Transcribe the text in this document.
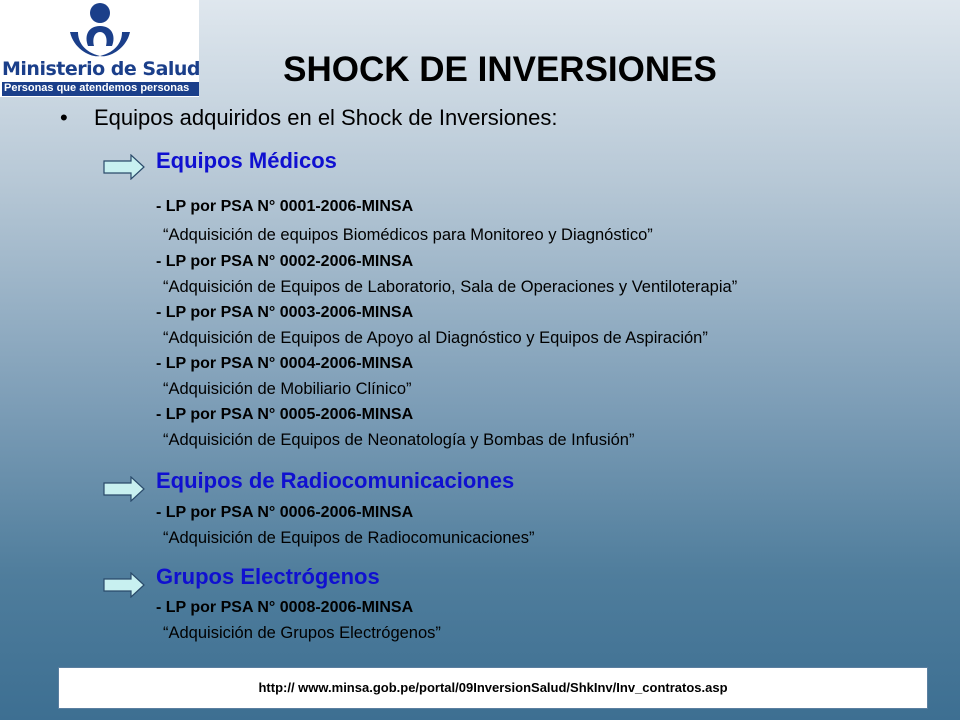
Ministerio de Salud
Personas que atendemos personas	SHOCK DE INVERSIONES
• Equipos adquiridos en el Shock de Inversiones:
Equipos Médicos
- LP por PSA N° 0001-2006-MINSA
“Adquisición de equipos Biomédicos para Monitoreo y Diagnóstico”
- LP por PSA N° 0002-2006-MINSA
“Adquisición de Equipos de Laboratorio, Sala de Operaciones y Ventiloterapia”
- LP por PSA N° 0003-2006-MINSA
“Adquisición de Equipos de Apoyo al Diagnóstico y Equipos de Aspiración”
- LP por PSA N° 0004-2006-MINSA
“Adquisición de Mobiliario Clínico”
- LP por PSA N° 0005-2006-MINSA
“Adquisición de Equipos de Neonatología y Bombas de Infusión”
Equipos de Radiocomunicaciones
- LP por PSA N° 0006-2006-MINSA
“Adquisición de Equipos de Radiocomunicaciones”
Grupos Electrógenos
- LP por PSA N° 0008-2006-MINSA
“Adquisición de Grupos Electrógenos”
http:// www.minsa.gob.pe/portal/09InversionSalud/ShkInv/Inv_contratos.asp
